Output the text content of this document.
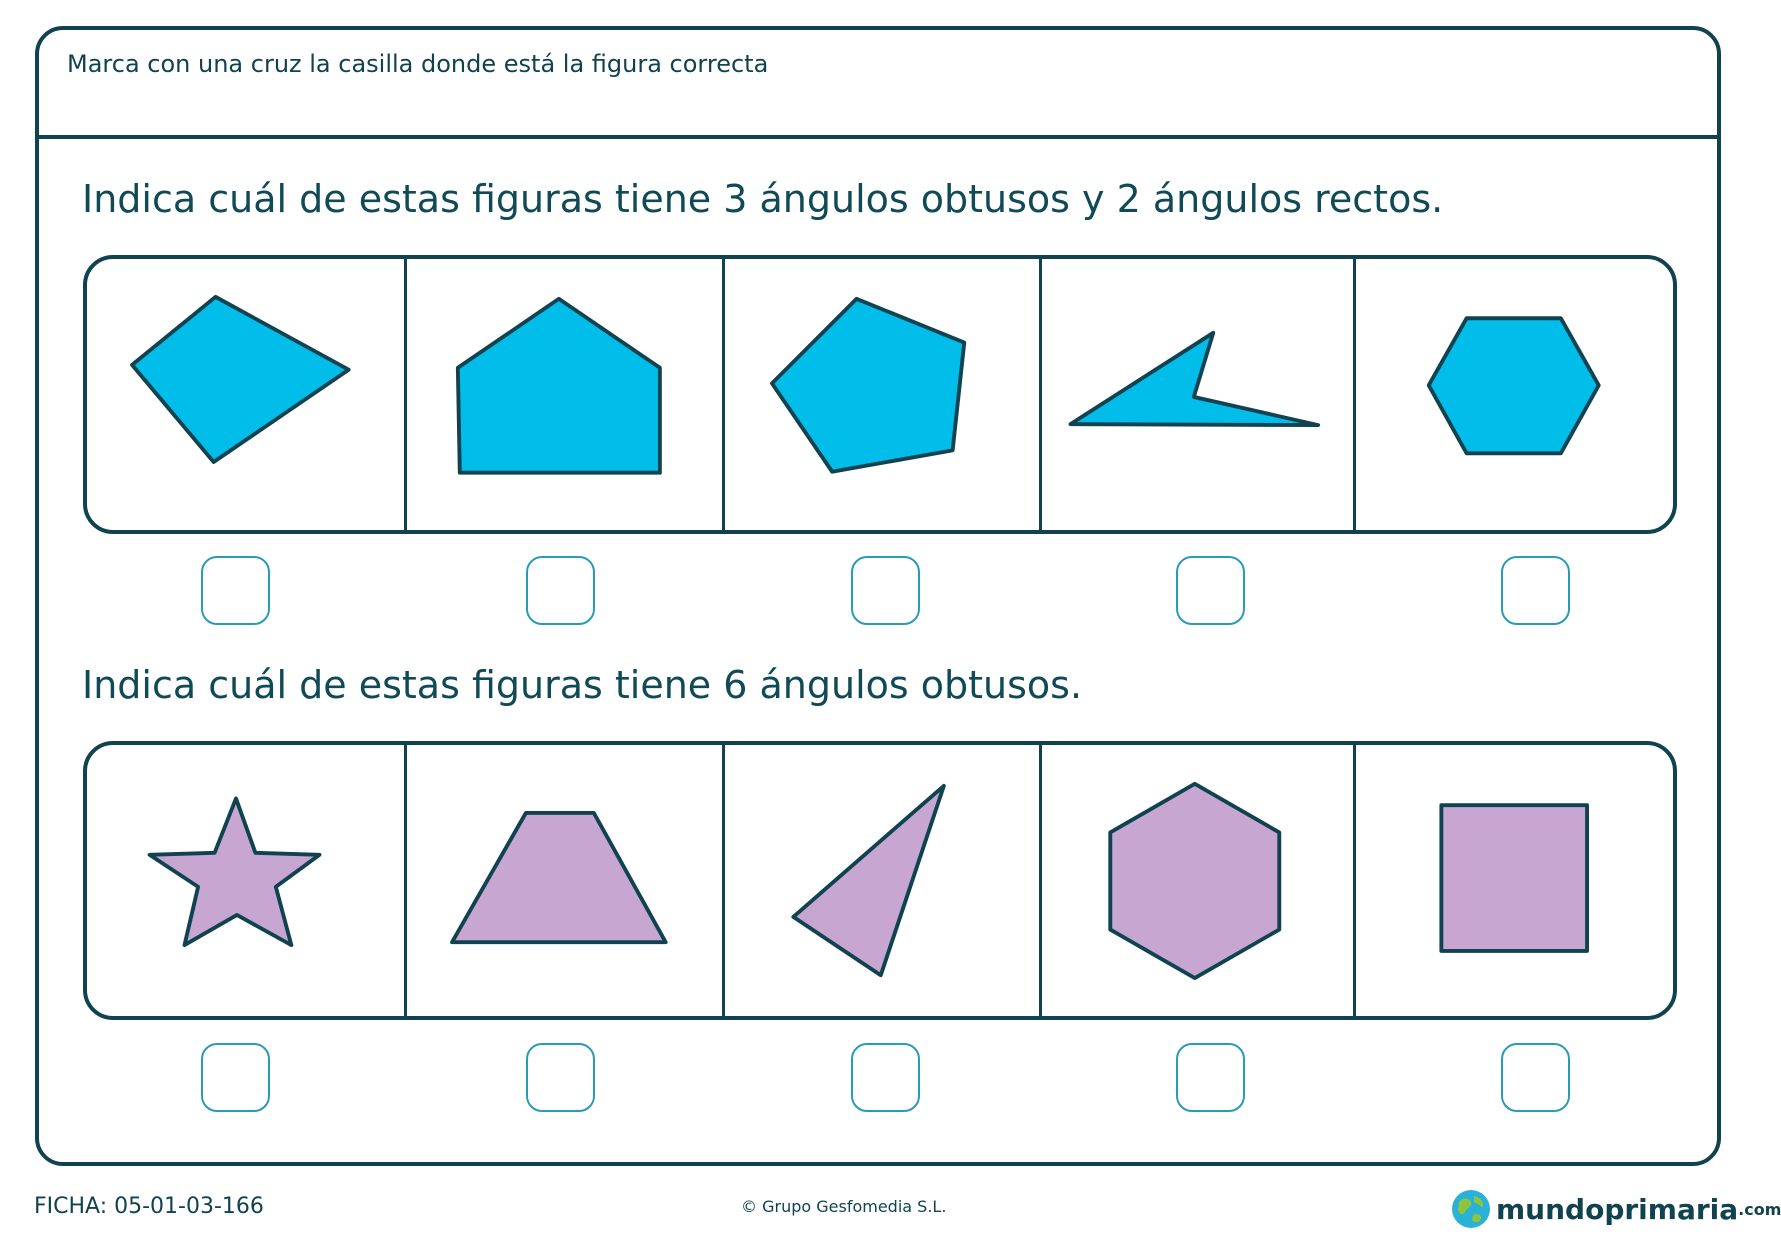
Marca con una cruz la casilla donde está la figura correcta
Indica cuál de estas figuras tiene 3 ángulos obtusos y 2 ángulos rectos.
Indica cuál de estas figuras tiene 6 ángulos obtusos.
FICHA: 05-01-03-166	© Grupo Gesfomedia S.L.	mundoprimaria .com
